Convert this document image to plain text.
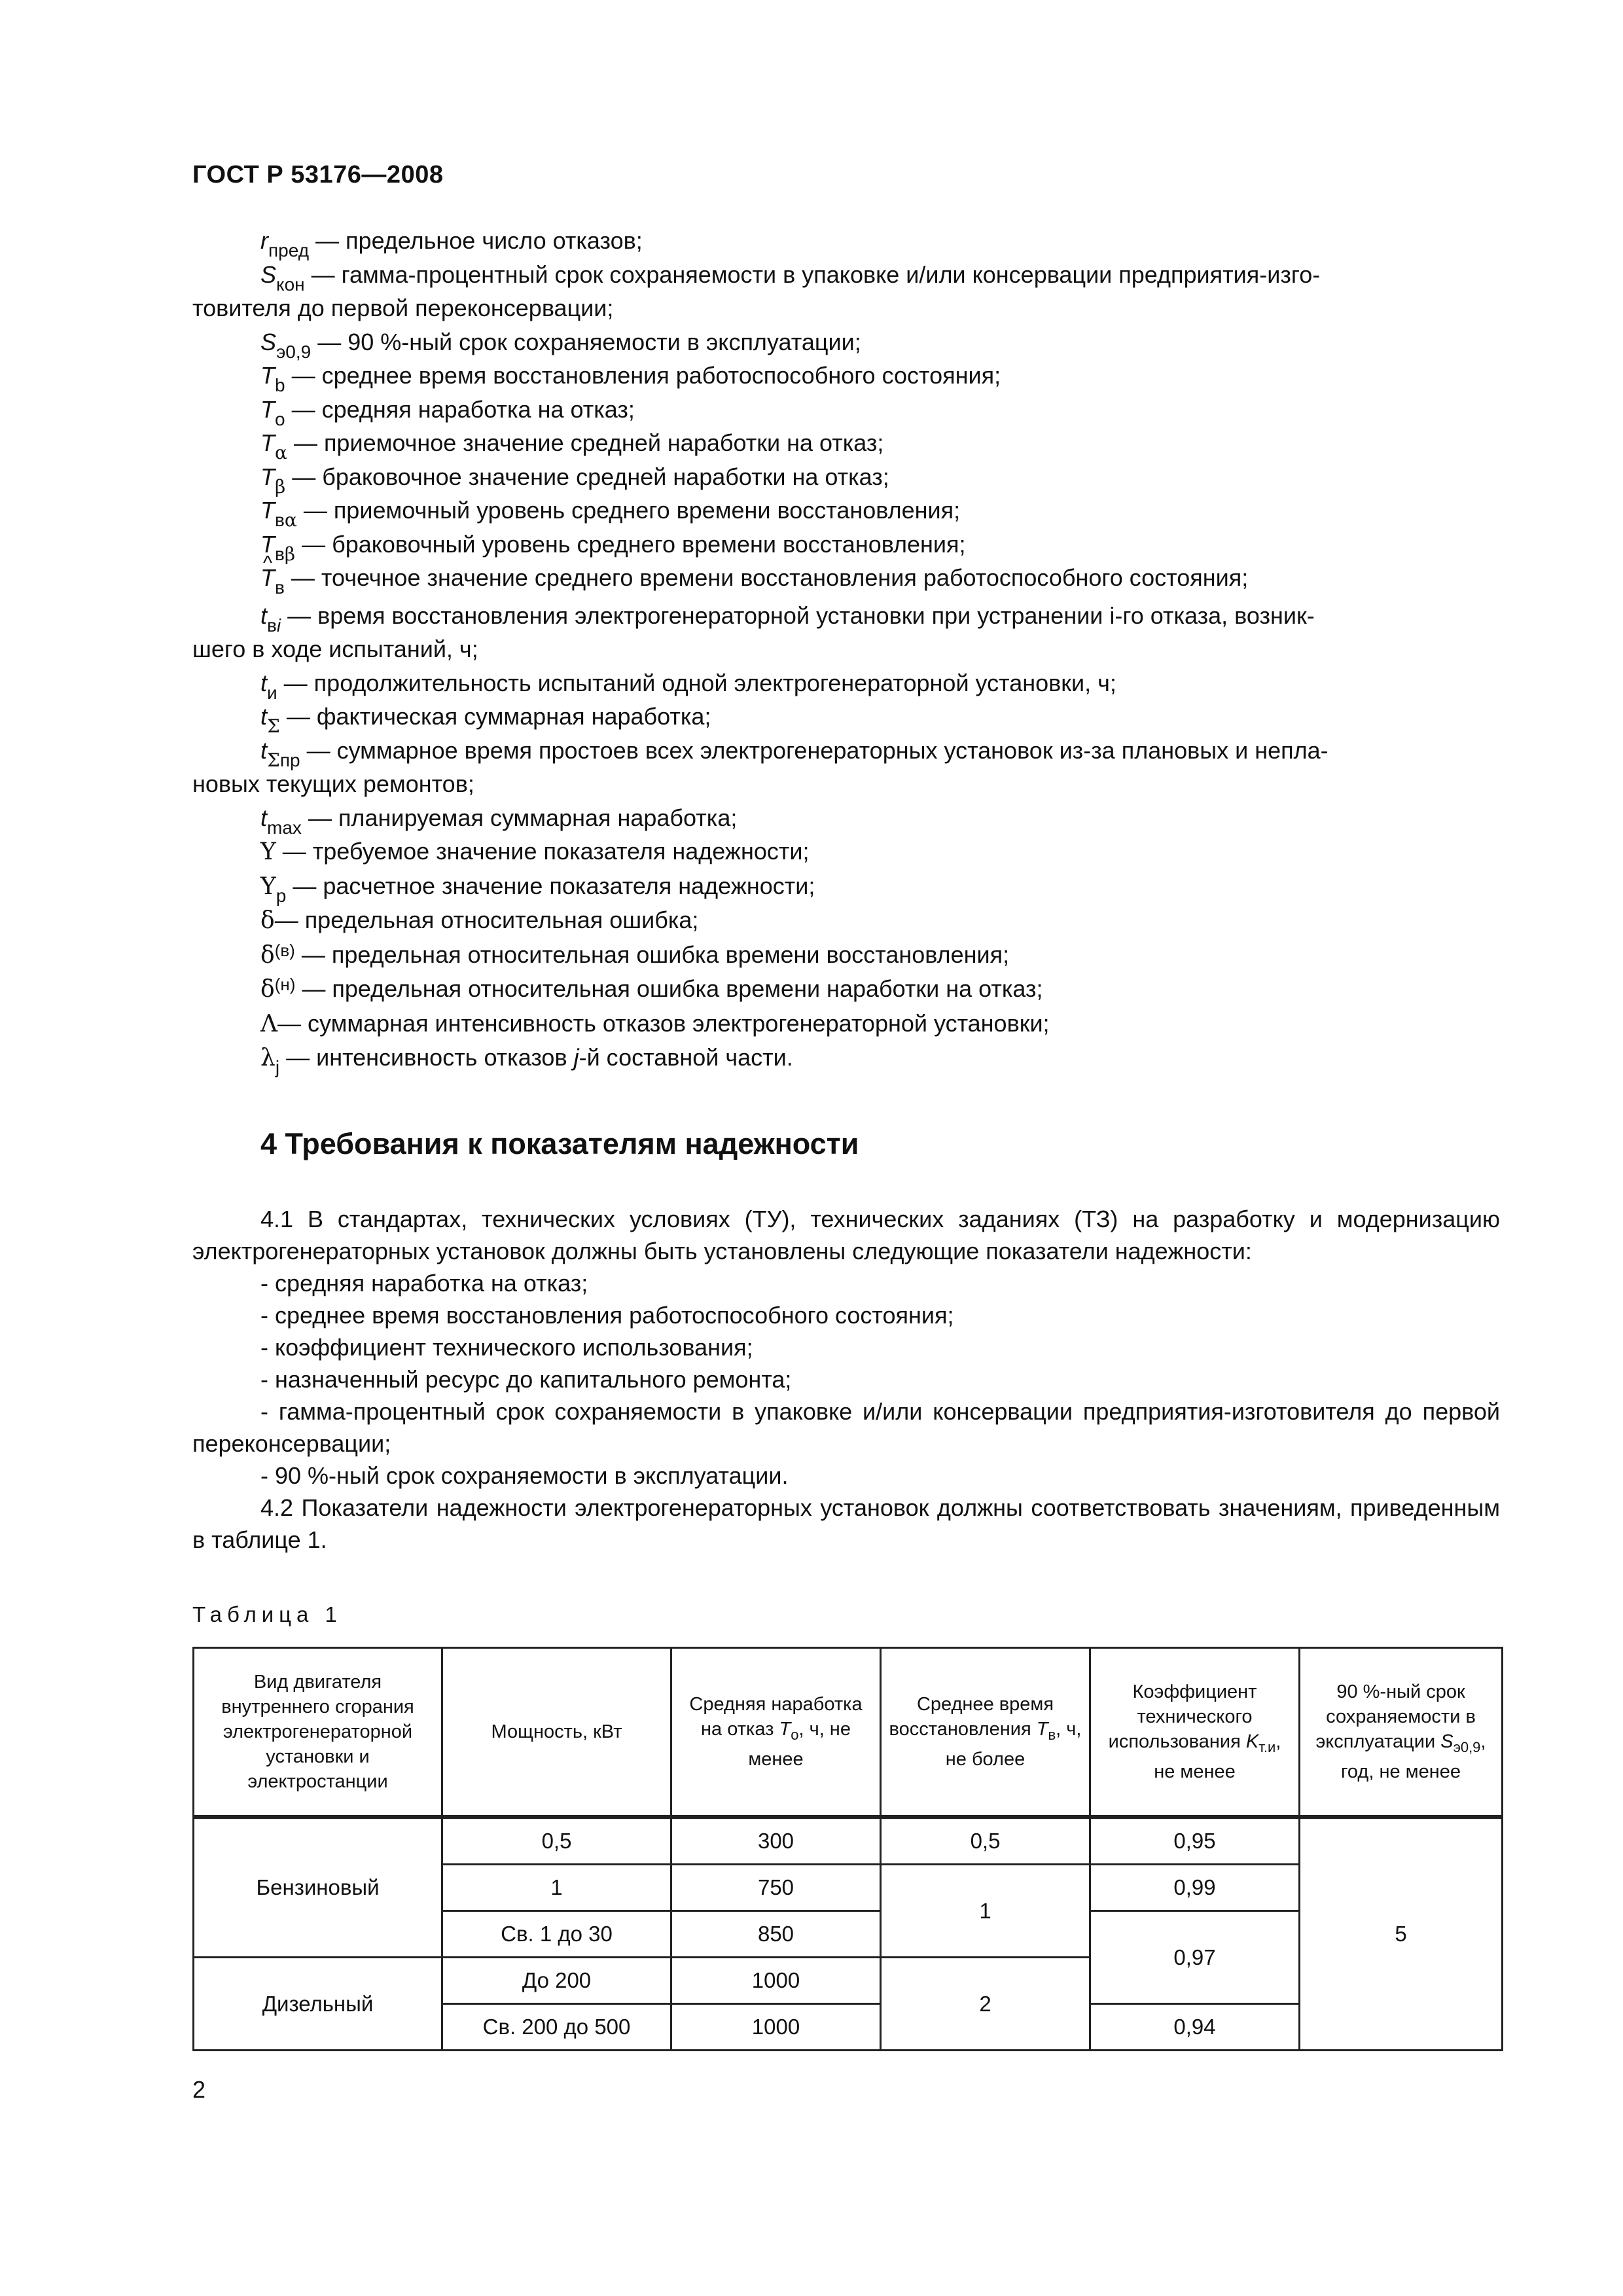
ГОСТ Р 53176—2008
$r_{пред}$ — предельное число отказов;
$S_{кон}$ — гамма-процентный срок сохраняемости в упаковке и/или консервации предприятия-изго-
товителя до первой переконсервации;
$S_{э0,9}$ — 90 %-ный срок сохраняемости в эксплуатации;
$T_b$ — среднее время восстановления работоспособного состояния;
$T_о$ — средняя наработка на отказ;
$T_\alpha$ — приемочное значение средней наработки на отказ;
$T_\beta$ — браковочное значение средней наработки на отказ;
$T_{в\alpha}$ — приемочный уровень среднего времени восстановления;
$T_{в\beta}$ — браковочный уровень среднего времени восстановления;
^ $T_в$ — точечное значение среднего времени восстановления работоспособного состояния;
$t_{вi}$ — время восстановления электрогенераторной установки при устранении i-го отказа, возник-
шего в ходе испытаний, ч;
$t_и$ — продолжительность испытаний одной электрогенераторной установки, ч;
$t_\Sigma$ — фактическая суммарная наработка;
$t_{\Sigma пр}$ — суммарное время простоев всех электрогенераторных установок из-за плановых и непла-
новых текущих ремонтов;
$t_{max}$ — планируемая суммарная наработка;
Υ — требуемое значение показателя надежности;
$\Upsilon_р$ — расчетное значение показателя надежности;
δ— предельная относительная ошибка;
$\delta^{(в)}$ — предельная относительная ошибка времени восстановления;
$\delta^{(н)}$ — предельная относительная ошибка времени наработки на отказ;
Λ— суммарная интенсивность отказов электрогенераторной установки;
$\lambda_j$ — интенсивность отказов j-й составной части.
4 Требования к показателям надежности
4.1 В стандартах, технических условиях (ТУ), технических заданиях (ТЗ) на разработку и модернизацию электрогенераторных установок должны быть установлены следующие показатели надежности:
- средняя наработка на отказ;
- среднее время восстановления работоспособного состояния;
- коэффициент технического использования;
- назначенный ресурс до капитального ремонта;
- гамма-процентный срок сохраняемости в упаковке и/или консервации предприятия-изготовителя до первой переконсервации;
- 90 %-ный срок сохраняемости в эксплуатации.
4.2 Показатели надежности электрогенераторных установок должны соответствовать значениям, приведенным в таблице 1.
Таблица 1
Вид двигателя внутреннего сгорания электрогенераторной установки и электростанции	Мощность, кВт	Средняя наработка на отказ $T_о$, ч, не менее	Среднее время восстановления $T_в$, ч, не более	Коэффициент технического использования $K_{т.и}$, не менее	90 %-ный срок сохраняемости в эксплуатации $S_{э0,9}$, год, не менее
Бензиновый	0,5	300	0,5	0,95	5
	1	750	1	0,99	
	Св. 1 до 30	850		0,97	
Дизельный	До 200	1000	2		
	Св. 200 до 500	1000		0,94	
2
